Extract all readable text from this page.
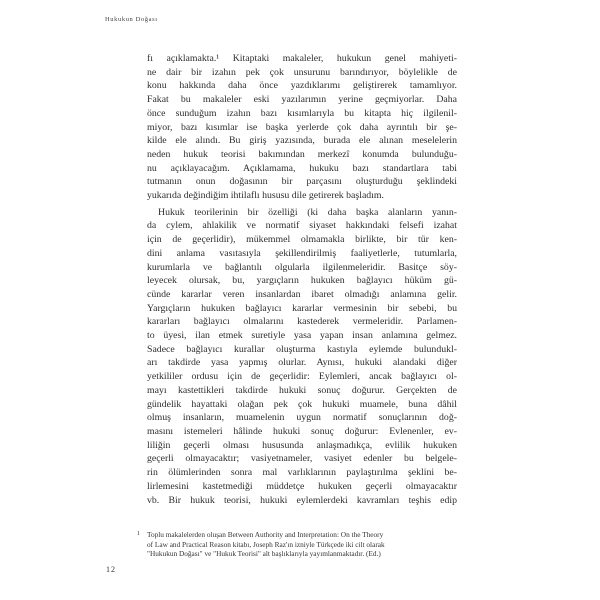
Hukukun Doğası
fı açıklamakta.¹ Kitaptaki makaleler, hukukun genel mahiyeti-
ne dair bir izahın pek çok unsurunu barındırıyor, böylelikle de
konu hakkında daha önce yazdıklarımı geliştirerek tamamlıyor.
Fakat bu makaleler eski yazılarımın yerine geçmiyorlar. Daha
önce sunduğum izahın bazı kısımlarıyla bu kitapta hiç ilgilenil-
miyor, bazı kısımlar ise başka yerlerde çok daha ayrıntılı bir şe-
kilde ele alındı. Bu giriş yazısında, burada ele alınan meselelerin
neden hukuk teorisi bakımından merkezî konumda bulunduğu-
nu açıklayacağım. Açıklamama, hukuku bazı standartlara tabi
tutmanın onun doğasının bir parçasını oluşturduğu şeklindeki
yukarıda değindiğim ihtilaflı hususu dile getirerek başladım.
Hukuk teorilerinin bir özelliği (ki daha başka alanların yanın-
da cylem, ahlakilik ve normatif siyaset hakkındaki felsefi izahat
için de geçerlidir), mükemmel olmamakla birlikte, bir tür ken-
dini anlama vasıtasıyla şekillendirilmiş faaliyetlerle, tutumlarla,
kurumlarla ve bağlantılı olgularla ilgilenmeleridir. Basitçe söy-
leyecek olursak, bu, yargıçların hukuken bağlayıcı hüküm gü-
cünde kararlar veren insanlardan ibaret olmadığı anlamına gelir.
Yargıçların hukuken bağlayıcı kararlar vermesinin bir sebebi, bu
kararları bağlayıcı olmalarını kastederek vermeleridir. Parlamen-
to üyesi, ilan etmek suretiyle yasa yapan insan anlamına gelmez.
Sadece bağlayıcı kurallar oluşturma kastıyla eylemde bulundukl-
arı takdirde yasa yapmış olurlar. Aynısı, hukuki alandaki diğer
yetkililer ordusu için de geçerlidir: Eylemleri, ancak bağlayıcı ol-
mayı kastettikleri takdirde hukuki sonuç doğurur. Gerçekten de
gündelik hayattaki olağan pek çok hukuki muamele, buna dâhil
olmuş insanların, muamelenin uygun normatif sonuçlarının doğ-
masını istemeleri hâlinde hukuki sonuç doğurur: Evlenenler, ev-
liliğin geçerli olması hususunda anlaşmadıkça, evlilik hukuken
geçerli olmayacaktır; vasiyetnameler, vasiyet edenler bu belgele-
rin ölümlerinden sonra mal varlıklarının paylaştırılma şeklini be-
lirlemesini kastetmediği müddetçe hukuken geçerli olmayacaktır
vb. Bir hukuk teorisi, hukuki eylemlerdeki kavramları teşhis edip
1 Toplu makalelerden oluşan Between Authority and Interpretation: On the Theory
of Law and Practical Reason kitabı, Joseph Raz'ın izniyle Türkçede iki cilt olarak
"Hukukun Doğası" ve "Hukuk Teorisi" alt başlıklarıyla yayımlanmaktadır. (Ed.)
12
